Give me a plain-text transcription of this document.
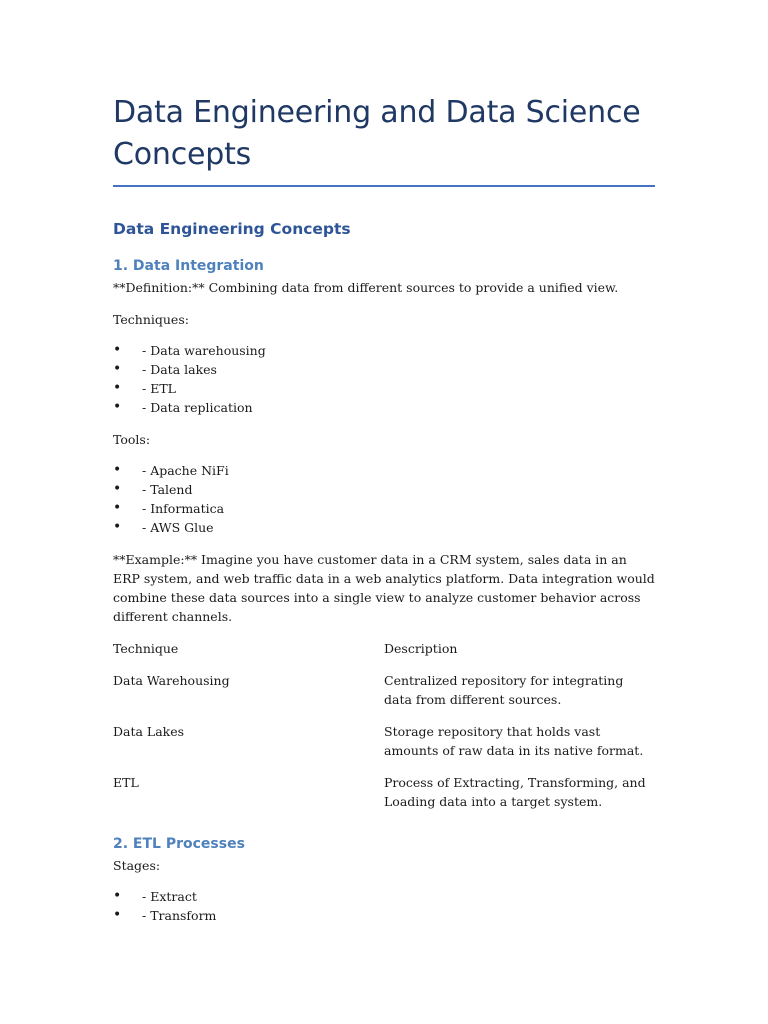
Data Engineering and Data Science Concepts
Data Engineering Concepts
1. Data Integration

**Definition:** Combining data from different sources to provide a unified view.

Techniques:

• - Data warehousing
• - Data lakes
• - ETL
• - Data replication

Tools:

• - Apache NiFi
• - Talend
• - Informatica
• - AWS Glue

**Example:** Imagine you have customer data in a CRM system, sales data in an ERP system, and web traffic data in a web analytics platform. Data integration would combine these data sources into a single view to analyze customer behavior across different channels.

Technique	Description
Data Warehousing	Centralized repository for integrating data from different sources.
Data Lakes	Storage repository that holds vast amounts of raw data in its native format.
ETL	Process of Extracting, Transforming, and Loading data into a target system.
2. ETL Processes

Stages:

• - Extract
• - Transform
